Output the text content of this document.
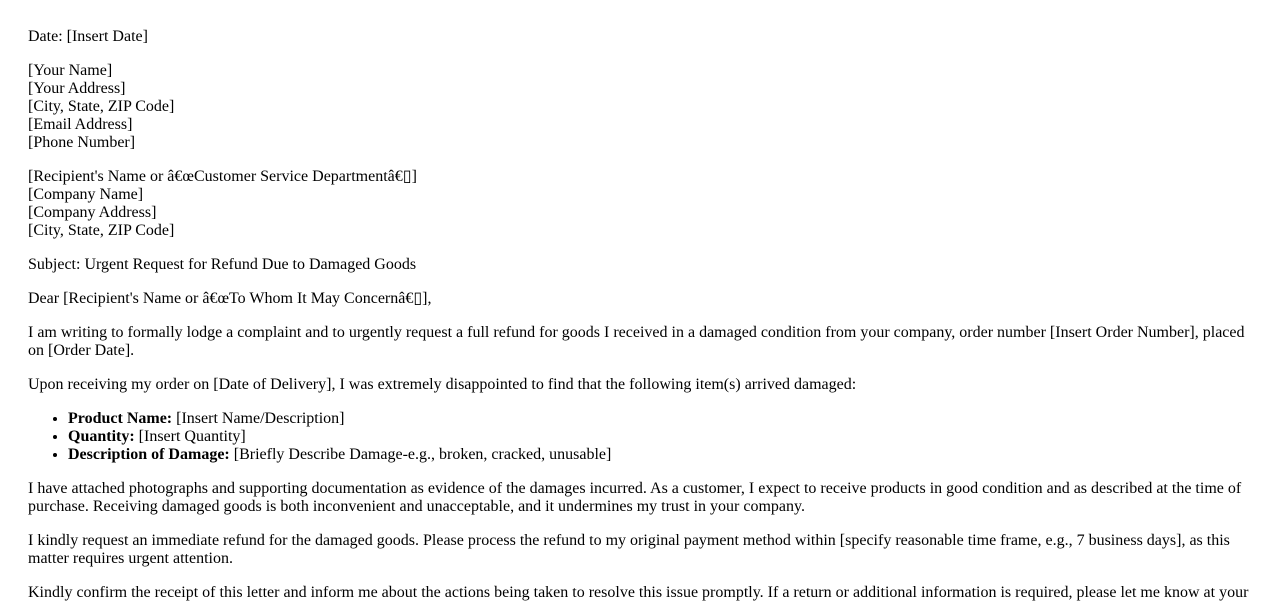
Date: [Insert Date]

[Your Name]
[Your Address]
[City, State, ZIP Code]
[Email Address]
[Phone Number]

[Recipient's Name or â€œCustomer Service Departmentâ€▯]
[Company Name]
[Company Address]
[City, State, ZIP Code]

Subject: Urgent Request for Refund Due to Damaged Goods

Dear [Recipient's Name or â€œTo Whom It May Concernâ€▯],

I am writing to formally lodge a complaint and to urgently request a full refund for goods I received in a damaged condition from your company, order number [Insert Order Number], placed on [Order Date].

Upon receiving my order on [Date of Delivery], I was extremely disappointed to find that the following item(s) arrived damaged:

• Product Name: [Insert Name/Description]
• Quantity: [Insert Quantity]
• Description of Damage: [Briefly Describe Damage-e.g., broken, cracked, unusable]

I have attached photographs and supporting documentation as evidence of the damages incurred. As a customer, I expect to receive products in good condition and as described at the time of purchase. Receiving damaged goods is both inconvenient and unacceptable, and it undermines my trust in your company.

I kindly request an immediate refund for the damaged goods. Please process the refund to my original payment method within [specify reasonable time frame, e.g., 7 business days], as this matter requires urgent attention.

Kindly confirm the receipt of this letter and inform me about the actions being taken to resolve this issue promptly. If a return or additional information is required, please let me know at your
